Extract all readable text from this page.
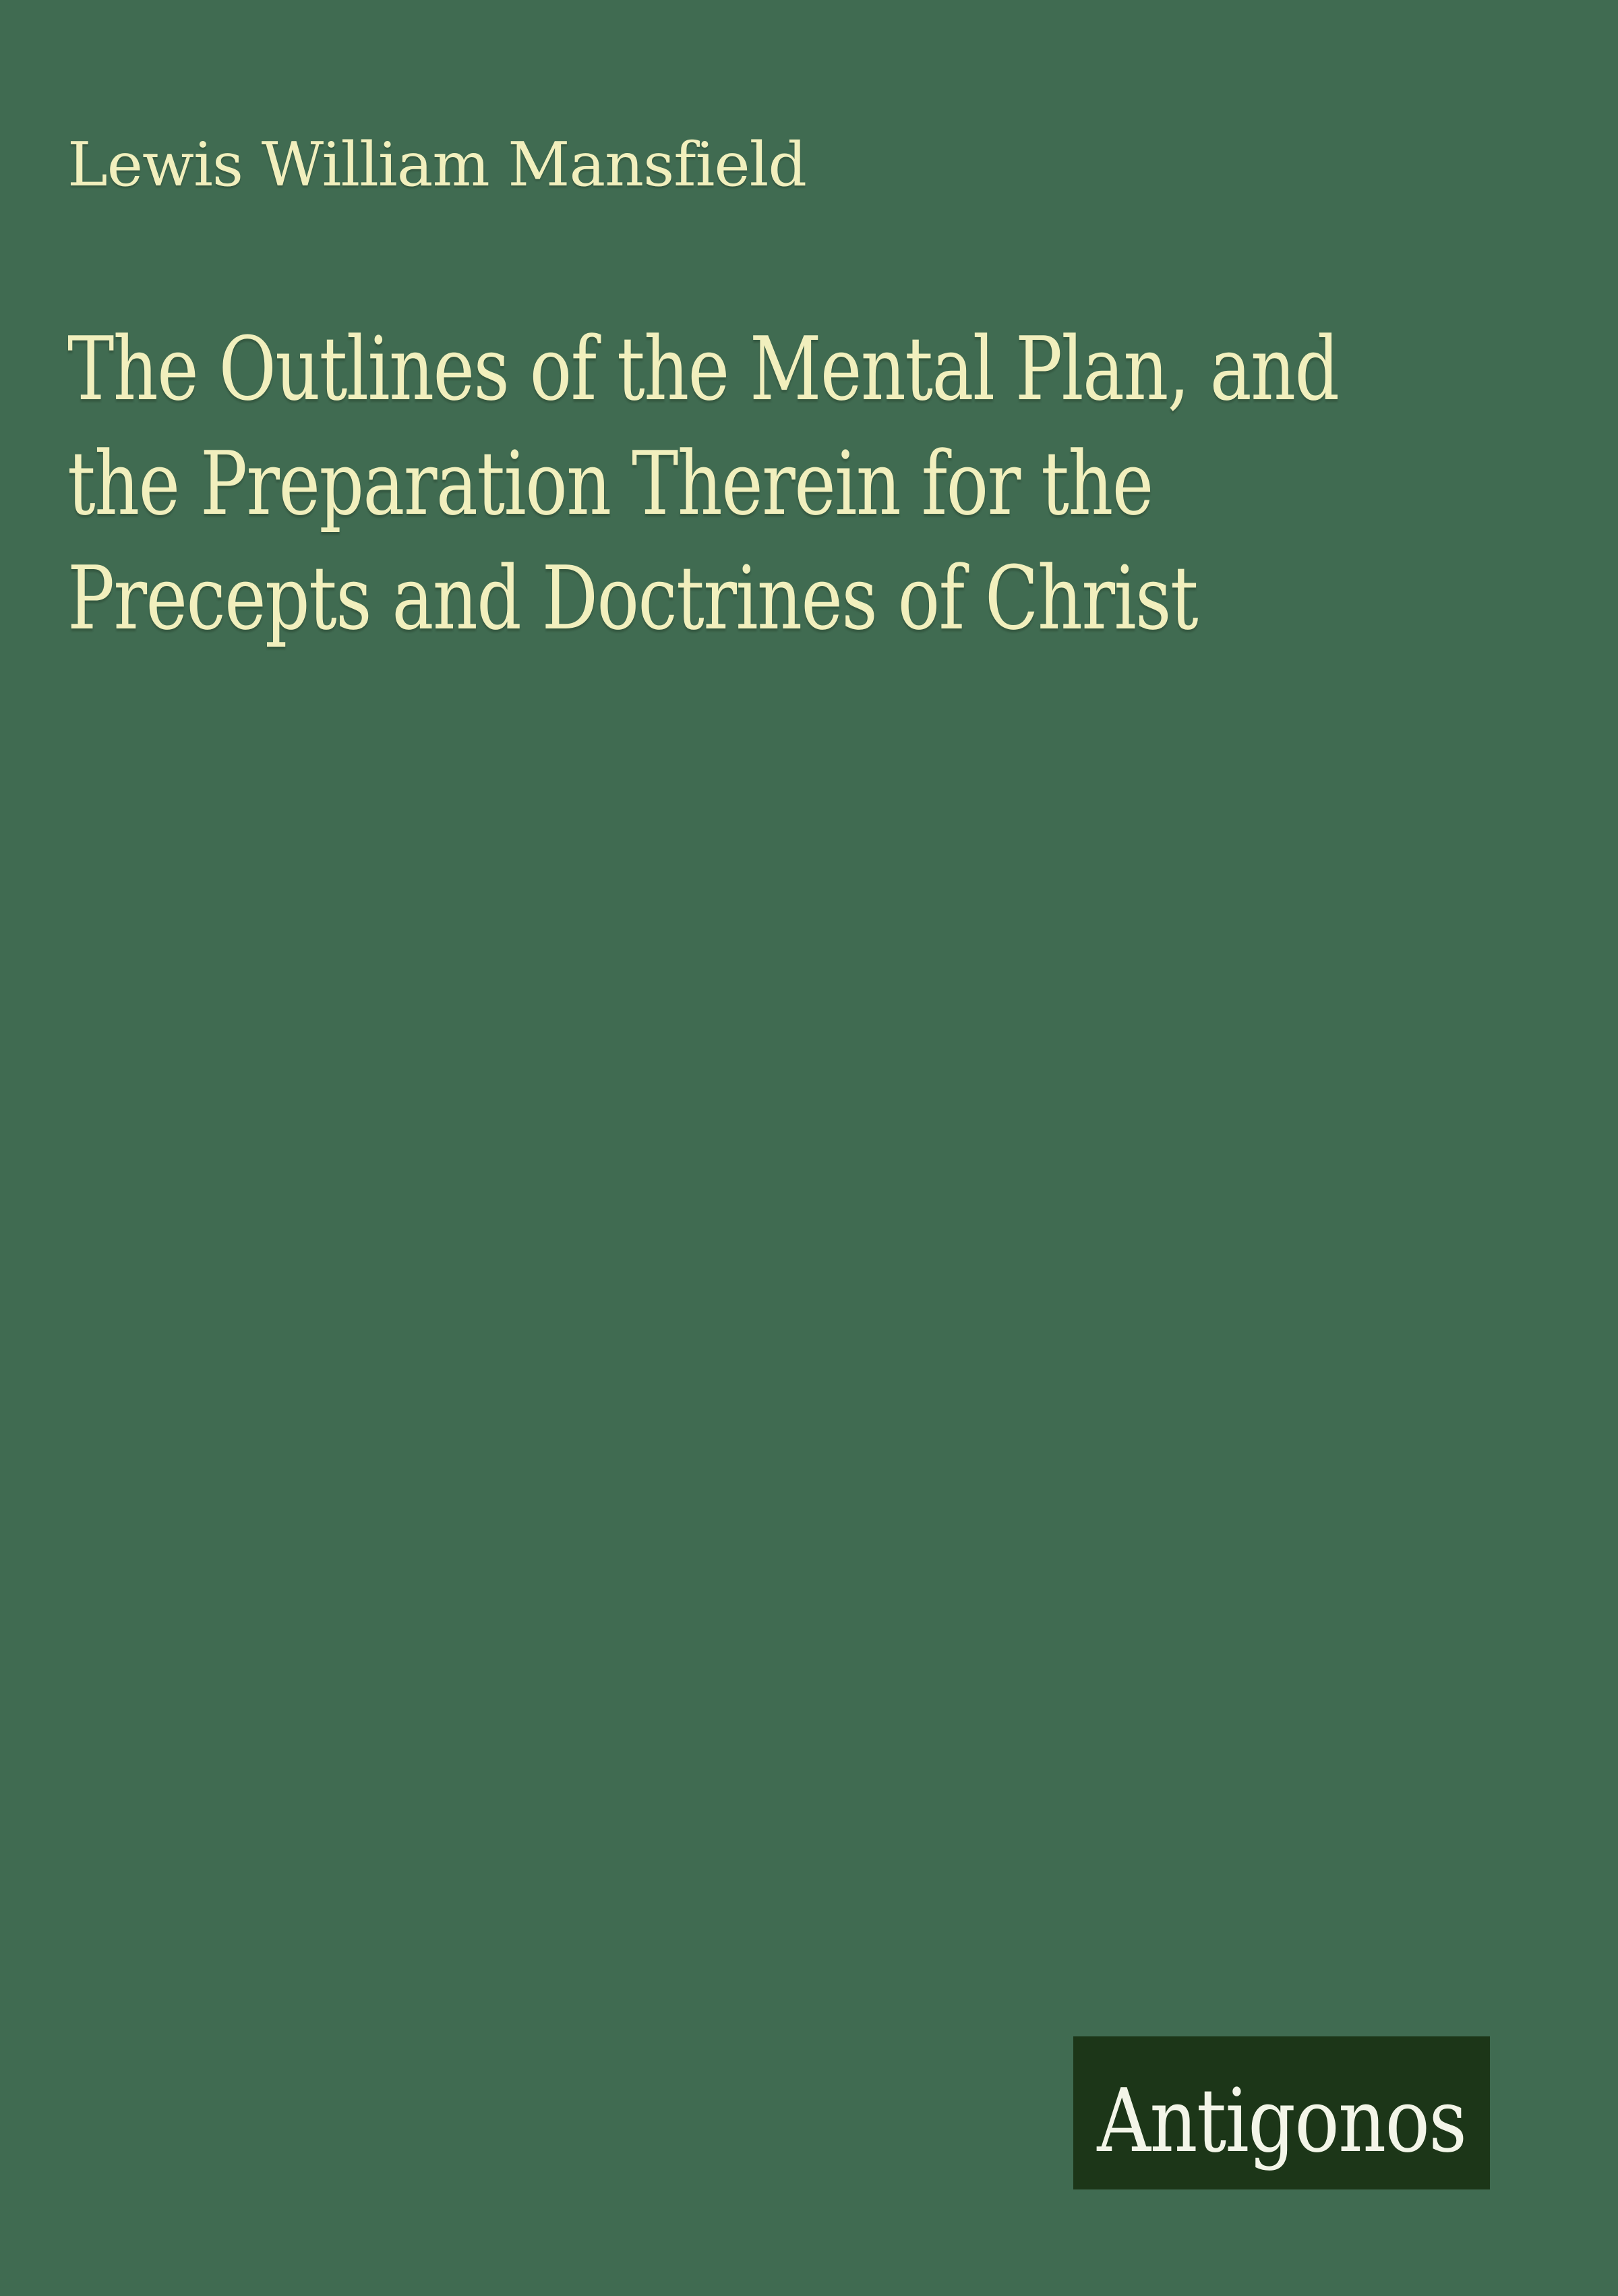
Lewis William Mansfield
The Outlines of the Mental Plan, and
the Preparation Therein for the
Precepts and Doctrines of Christ
Antigonos
